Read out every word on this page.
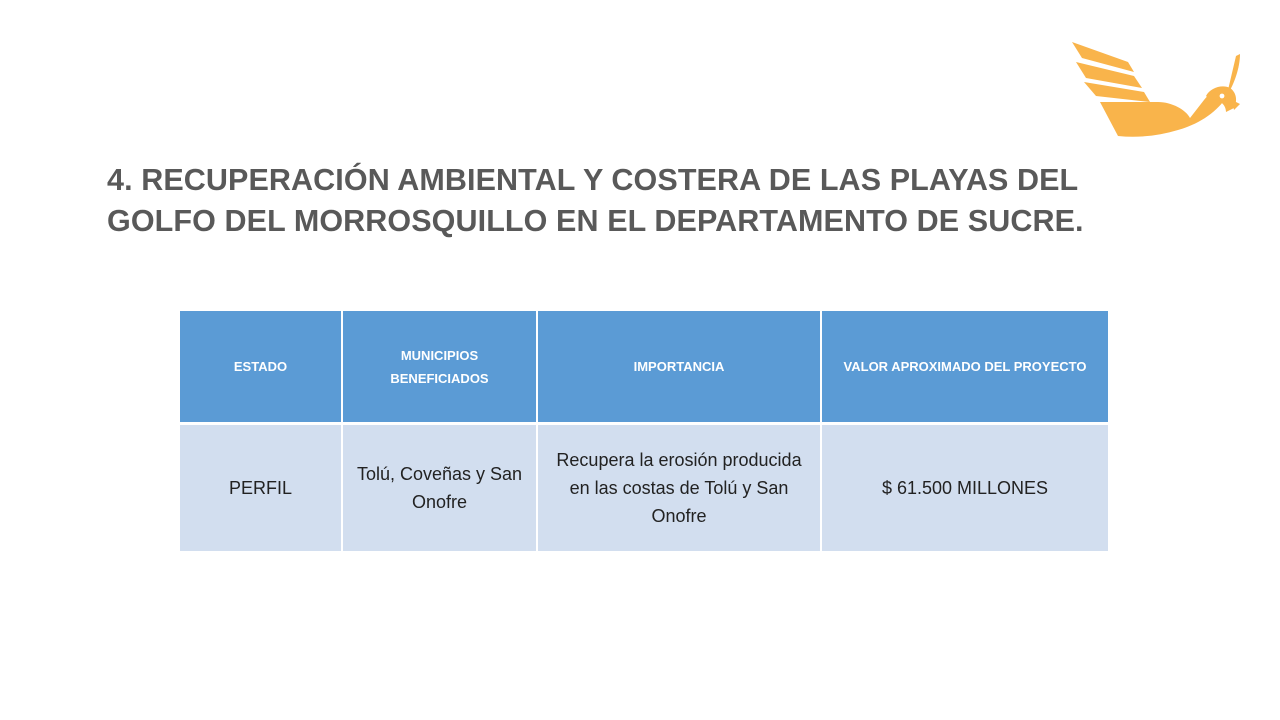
4. RECUPERACIÓN AMBIENTAL Y COSTERA DE LAS PLAYAS DEL GOLFO DEL MORROSQUILLO EN EL DEPARTAMENTO DE SUCRE.
ESTADO	MUNICIPIOS BENEFICIADOS	IMPORTANCIA	VALOR APROXIMADO DEL PROYECTO
PERFIL	Tolú, Coveñas y San Onofre	Recupera la erosión producida en las costas de Tolú y San Onofre	$ 61.500 MILLONES
